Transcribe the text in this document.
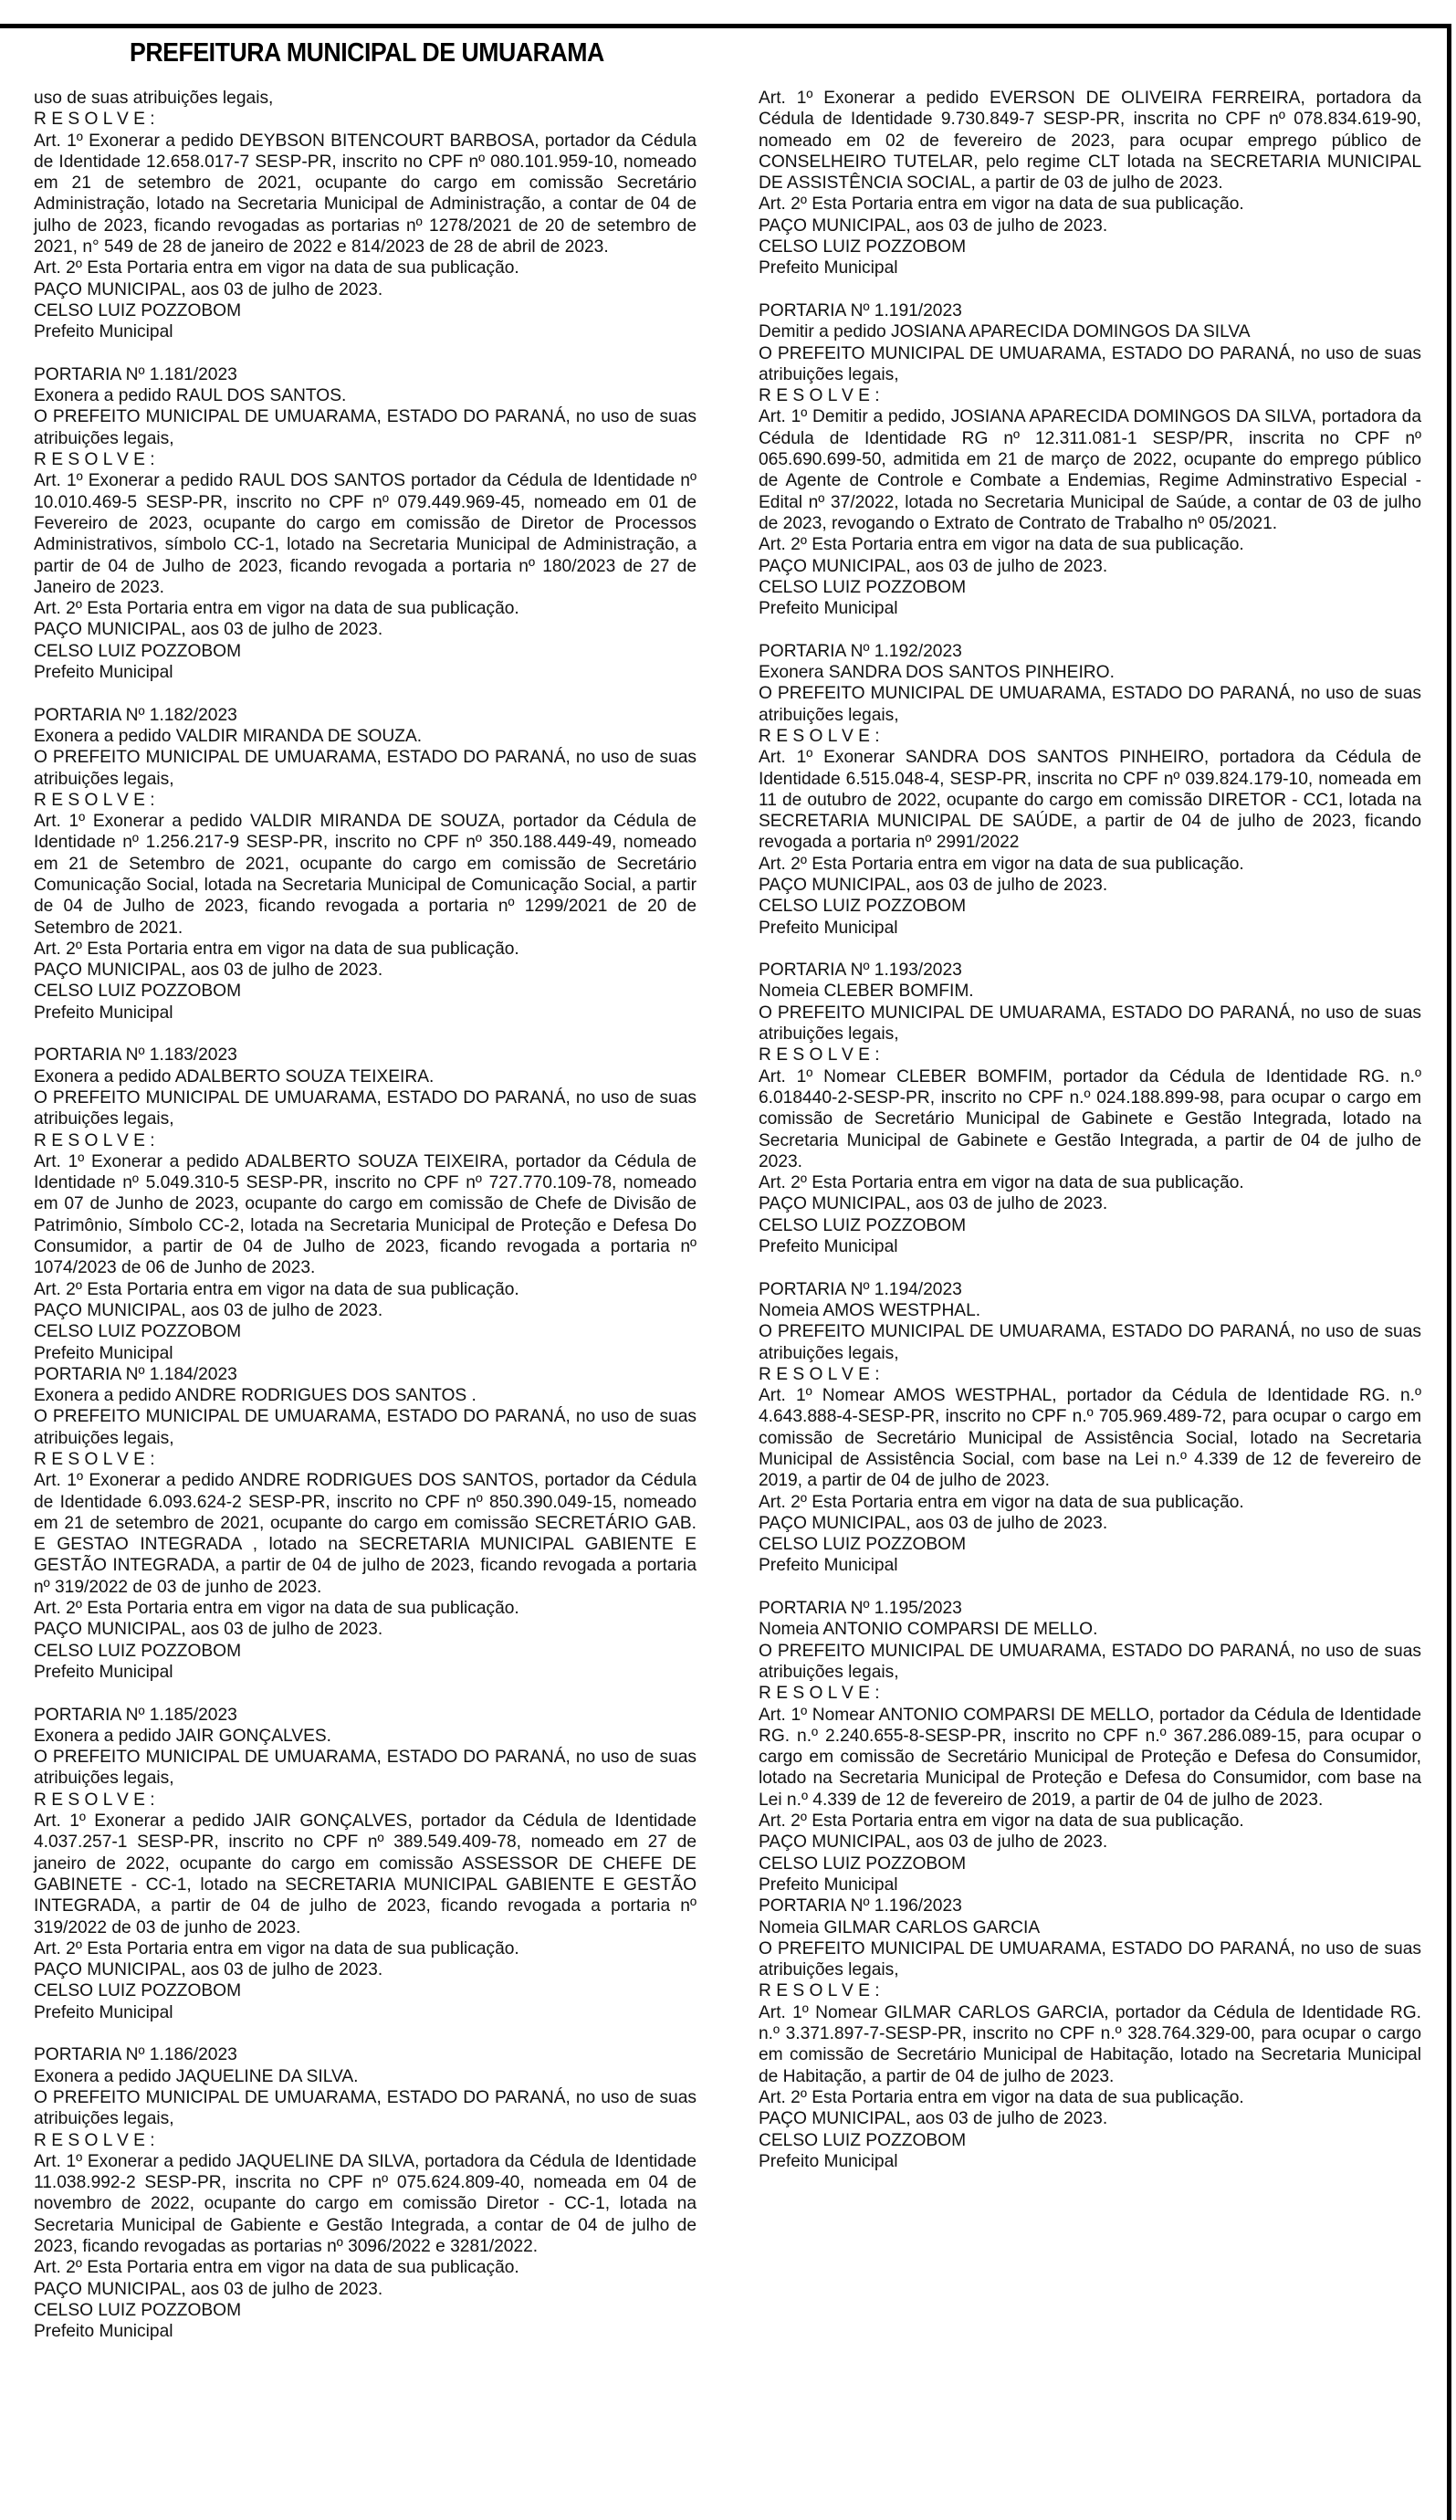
PREFEITURA MUNICIPAL DE UMUARAMA
uso de suas atribuições legais,
R E S O L V E :
Art. 1º Exonerar a pedido DEYBSON BITENCOURT BARBOSA, portador da Cédula de Identidade 12.658.017-7 SESP-PR, inscrito no CPF nº 080.101.959-10, nomeado em 21 de setembro de 2021, ocupante do cargo em comissão Secretário Administração, lotado na Secretaria Municipal de Administração, a contar de 04 de julho de 2023, ficando revogadas as portarias nº 1278/2021 de 20 de setembro de 2021, n° 549 de 28 de janeiro de 2022 e 814/2023 de 28 de abril de 2023.
Art. 2º Esta Portaria entra em vigor na data de sua publicação.
PAÇO MUNICIPAL, aos 03 de julho de 2023.
CELSO LUIZ POZZOBOM
Prefeito Municipal
PORTARIA Nº 1.181/2023
Exonera a pedido RAUL DOS SANTOS.
O PREFEITO MUNICIPAL DE UMUARAMA, ESTADO DO PARANÁ, no uso de suas atribuições legais,
R E S O L V E :
Art. 1º Exonerar a pedido RAUL DOS SANTOS portador da Cédula de Identidade nº 10.010.469-5 SESP-PR, inscrito no CPF nº 079.449.969-45, nomeado em 01 de Fevereiro de 2023, ocupante do cargo em comissão de Diretor de Processos Administrativos, símbolo CC-1, lotado na Secretaria Municipal de Administração, a partir de 04 de Julho de 2023, ficando revogada a portaria nº 180/2023 de 27 de Janeiro de 2023.
Art. 2º Esta Portaria entra em vigor na data de sua publicação.
PAÇO MUNICIPAL, aos 03 de julho de 2023.
CELSO LUIZ POZZOBOM
Prefeito Municipal
PORTARIA Nº 1.182/2023
Exonera a pedido VALDIR MIRANDA DE SOUZA.
O PREFEITO MUNICIPAL DE UMUARAMA, ESTADO DO PARANÁ, no uso de suas atribuições legais,
R E S O L V E :
Art. 1º Exonerar a pedido VALDIR MIRANDA DE SOUZA, portador da Cédula de Identidade nº 1.256.217-9 SESP-PR, inscrito no CPF nº 350.188.449-49, nomeado em 21 de Setembro de 2021, ocupante do cargo em comissão de Secretário Comunicação Social, lotada na Secretaria Municipal de Comunicação Social, a partir de 04 de Julho de 2023, ficando revogada a portaria nº 1299/2021 de 20 de Setembro de 2021.
Art. 2º Esta Portaria entra em vigor na data de sua publicação.
PAÇO MUNICIPAL, aos 03 de julho de 2023.
CELSO LUIZ POZZOBOM
Prefeito Municipal
PORTARIA Nº 1.183/2023
Exonera a pedido ADALBERTO SOUZA TEIXEIRA.
O PREFEITO MUNICIPAL DE UMUARAMA, ESTADO DO PARANÁ, no uso de suas atribuições legais,
R E S O L V E :
Art. 1º Exonerar a pedido ADALBERTO SOUZA TEIXEIRA, portador da Cédula de Identidade nº 5.049.310-5 SESP-PR, inscrito no CPF nº 727.770.109-78, nomeado em 07 de Junho de 2023, ocupante do cargo em comissão de Chefe de Divisão de Patrimônio, Símbolo CC-2, lotada na Secretaria Municipal de Proteção e Defesa Do Consumidor, a partir de 04 de Julho de 2023, ficando revogada a portaria nº 1074/2023 de 06 de Junho de 2023.
Art. 2º Esta Portaria entra em vigor na data de sua publicação.
PAÇO MUNICIPAL, aos 03 de julho de 2023.
CELSO LUIZ POZZOBOM
Prefeito Municipal
PORTARIA Nº 1.184/2023
Exonera a pedido ANDRE RODRIGUES DOS SANTOS .
O PREFEITO MUNICIPAL DE UMUARAMA, ESTADO DO PARANÁ, no uso de suas atribuições legais,
R E S O L V E :
Art. 1º Exonerar a pedido ANDRE RODRIGUES DOS SANTOS, portador da Cédula de Identidade 6.093.624-2 SESP-PR, inscrito no CPF nº 850.390.049-15, nomeado em 21 de setembro de 2021, ocupante do cargo em comissão SECRETÁRIO GAB. E GESTAO INTEGRADA , lotado na SECRETARIA MUNICIPAL GABIENTE E GESTÃO INTEGRADA, a partir de 04 de julho de 2023, ficando revogada a portaria nº 319/2022 de 03 de junho de 2023.
Art. 2º Esta Portaria entra em vigor na data de sua publicação.
PAÇO MUNICIPAL, aos 03 de julho de 2023.
CELSO LUIZ POZZOBOM
Prefeito Municipal
PORTARIA Nº 1.185/2023
Exonera a pedido JAIR GONÇALVES.
O PREFEITO MUNICIPAL DE UMUARAMA, ESTADO DO PARANÁ, no uso de suas atribuições legais,
R E S O L V E :
Art. 1º Exonerar a pedido JAIR GONÇALVES, portador da Cédula de Identidade 4.037.257-1 SESP-PR, inscrito no CPF nº 389.549.409-78, nomeado em 27 de janeiro de 2022, ocupante do cargo em comissão ASSESSOR DE CHEFE DE GABINETE - CC-1, lotado na SECRETARIA MUNICIPAL GABIENTE E GESTÃO INTEGRADA, a partir de 04 de julho de 2023, ficando revogada a portaria nº 319/2022 de 03 de junho de 2023.
Art. 2º Esta Portaria entra em vigor na data de sua publicação.
PAÇO MUNICIPAL, aos 03 de julho de 2023.
CELSO LUIZ POZZOBOM
Prefeito Municipal
PORTARIA Nº 1.186/2023
Exonera a pedido JAQUELINE DA SILVA.
O PREFEITO MUNICIPAL DE UMUARAMA, ESTADO DO PARANÁ, no uso de suas atribuições legais,
R E S O L V E :
Art. 1º Exonerar a pedido JAQUELINE DA SILVA, portadora da Cédula de Identidade 11.038.992-2 SESP-PR, inscrita no CPF nº 075.624.809-40, nomeada em 04 de novembro de 2022, ocupante do cargo em comissão Diretor - CC-1, lotada na Secretaria Municipal de Gabiente e Gestão Integrada, a contar de 04 de julho de 2023, ficando revogadas as portarias nº 3096/2022 e 3281/2022.
Art. 2º Esta Portaria entra em vigor na data de sua publicação.
PAÇO MUNICIPAL, aos 03 de julho de 2023.
CELSO LUIZ POZZOBOM
Prefeito Municipal
Art. 1º Exonerar a pedido EVERSON DE OLIVEIRA FERREIRA, portadora da Cédula de Identidade 9.730.849-7 SESP-PR, inscrita no CPF nº 078.834.619-90, nomeado em 02 de fevereiro de 2023, para ocupar emprego público de CONSELHEIRO TUTELAR, pelo regime CLT lotada na SECRETARIA MUNICIPAL DE ASSISTÊNCIA SOCIAL, a partir de 03 de julho de 2023.
Art. 2º Esta Portaria entra em vigor na data de sua publicação.
PAÇO MUNICIPAL, aos 03 de julho de 2023.
CELSO LUIZ POZZOBOM
Prefeito Municipal
PORTARIA Nº 1.191/2023
Demitir a pedido JOSIANA APARECIDA DOMINGOS DA SILVA
O PREFEITO MUNICIPAL DE UMUARAMA, ESTADO DO PARANÁ, no uso de suas atribuições legais,
R E S O L V E :
Art. 1º Demitir a pedido, JOSIANA APARECIDA DOMINGOS DA SILVA, portadora da Cédula de Identidade RG nº 12.311.081-1 SESP/PR, inscrita no CPF nº 065.690.699-50, admitida em 21 de março de 2022, ocupante do emprego público de Agente de Controle e Combate a Endemias, Regime Adminstrativo Especial - Edital nº 37/2022, lotada no Secretaria Municipal de Saúde, a contar de 03 de julho de 2023, revogando o Extrato de Contrato de Trabalho nº 05/2021.
Art. 2º Esta Portaria entra em vigor na data de sua publicação.
PAÇO MUNICIPAL, aos 03 de julho de 2023.
CELSO LUIZ POZZOBOM
Prefeito Municipal
PORTARIA Nº 1.192/2023
Exonera SANDRA DOS SANTOS PINHEIRO.
O PREFEITO MUNICIPAL DE UMUARAMA, ESTADO DO PARANÁ, no uso de suas atribuições legais,
R E S O L V E :
Art. 1º Exonerar SANDRA DOS SANTOS PINHEIRO, portadora da Cédula de Identidade 6.515.048-4, SESP-PR, inscrita no CPF nº 039.824.179-10, nomeada em 11 de outubro de 2022, ocupante do cargo em comissão DIRETOR - CC1, lotada na SECRETARIA MUNICIPAL DE SAÚDE, a partir de 04 de julho de 2023, ficando revogada a portaria nº 2991/2022
Art. 2º Esta Portaria entra em vigor na data de sua publicação.
PAÇO MUNICIPAL, aos 03 de julho de 2023.
CELSO LUIZ POZZOBOM
Prefeito Municipal
PORTARIA Nº 1.193/2023
Nomeia CLEBER BOMFIM.
O PREFEITO MUNICIPAL DE UMUARAMA, ESTADO DO PARANÁ, no uso de suas atribuições legais,
R E S O L V E :
Art. 1º Nomear CLEBER BOMFIM, portador da Cédula de Identidade RG. n.º 6.018440-2-SESP-PR, inscrito no CPF n.º 024.188.899-98, para ocupar o cargo em comissão de Secretário Municipal de Gabinete e Gestão Integrada, lotado na Secretaria Municipal de Gabinete e Gestão Integrada, a partir de 04 de julho de 2023.
Art. 2º Esta Portaria entra em vigor na data de sua publicação.
PAÇO MUNICIPAL, aos 03 de julho de 2023.
CELSO LUIZ POZZOBOM
Prefeito Municipal
PORTARIA Nº 1.194/2023
Nomeia AMOS WESTPHAL.
O PREFEITO MUNICIPAL DE UMUARAMA, ESTADO DO PARANÁ, no uso de suas atribuições legais,
R E S O L V E :
Art. 1º Nomear AMOS WESTPHAL, portador da Cédula de Identidade RG. n.º 4.643.888-4-SESP-PR, inscrito no CPF n.º 705.969.489-72, para ocupar o cargo em comissão de Secretário Municipal de Assistência Social, lotado na Secretaria Municipal de Assistência Social, com base na Lei n.º 4.339 de 12 de fevereiro de 2019, a partir de 04 de julho de 2023.
Art. 2º Esta Portaria entra em vigor na data de sua publicação.
PAÇO MUNICIPAL, aos 03 de julho de 2023.
CELSO LUIZ POZZOBOM
Prefeito Municipal
PORTARIA Nº 1.195/2023
Nomeia ANTONIO COMPARSI DE MELLO.
O PREFEITO MUNICIPAL DE UMUARAMA, ESTADO DO PARANÁ, no uso de suas atribuições legais,
R E S O L V E :
Art. 1º Nomear ANTONIO COMPARSI DE MELLO, portador da Cédula de Identidade RG. n.º 2.240.655-8-SESP-PR, inscrito no CPF n.º 367.286.089-15, para ocupar o cargo em comissão de Secretário Municipal de Proteção e Defesa do Consumidor, lotado na Secretaria Municipal de Proteção e Defesa do Consumidor, com base na Lei n.º 4.339 de 12 de fevereiro de 2019, a partir de 04 de julho de 2023.
Art. 2º Esta Portaria entra em vigor na data de sua publicação.
PAÇO MUNICIPAL, aos 03 de julho de 2023.
CELSO LUIZ POZZOBOM
Prefeito Municipal
PORTARIA Nº 1.196/2023
Nomeia GILMAR CARLOS GARCIA
O PREFEITO MUNICIPAL DE UMUARAMA, ESTADO DO PARANÁ, no uso de suas atribuições legais,
R E S O L V E :
Art. 1º Nomear GILMAR CARLOS GARCIA, portador da Cédula de Identidade RG. n.º 3.371.897-7-SESP-PR, inscrito no CPF n.º 328.764.329-00, para ocupar o cargo em comissão de Secretário Municipal de Habitação, lotado na Secretaria Municipal de Habitação, a partir de 04 de julho de 2023.
Art. 2º Esta Portaria entra em vigor na data de sua publicação.
PAÇO MUNICIPAL, aos 03 de julho de 2023.
CELSO LUIZ POZZOBOM
Prefeito Municipal
